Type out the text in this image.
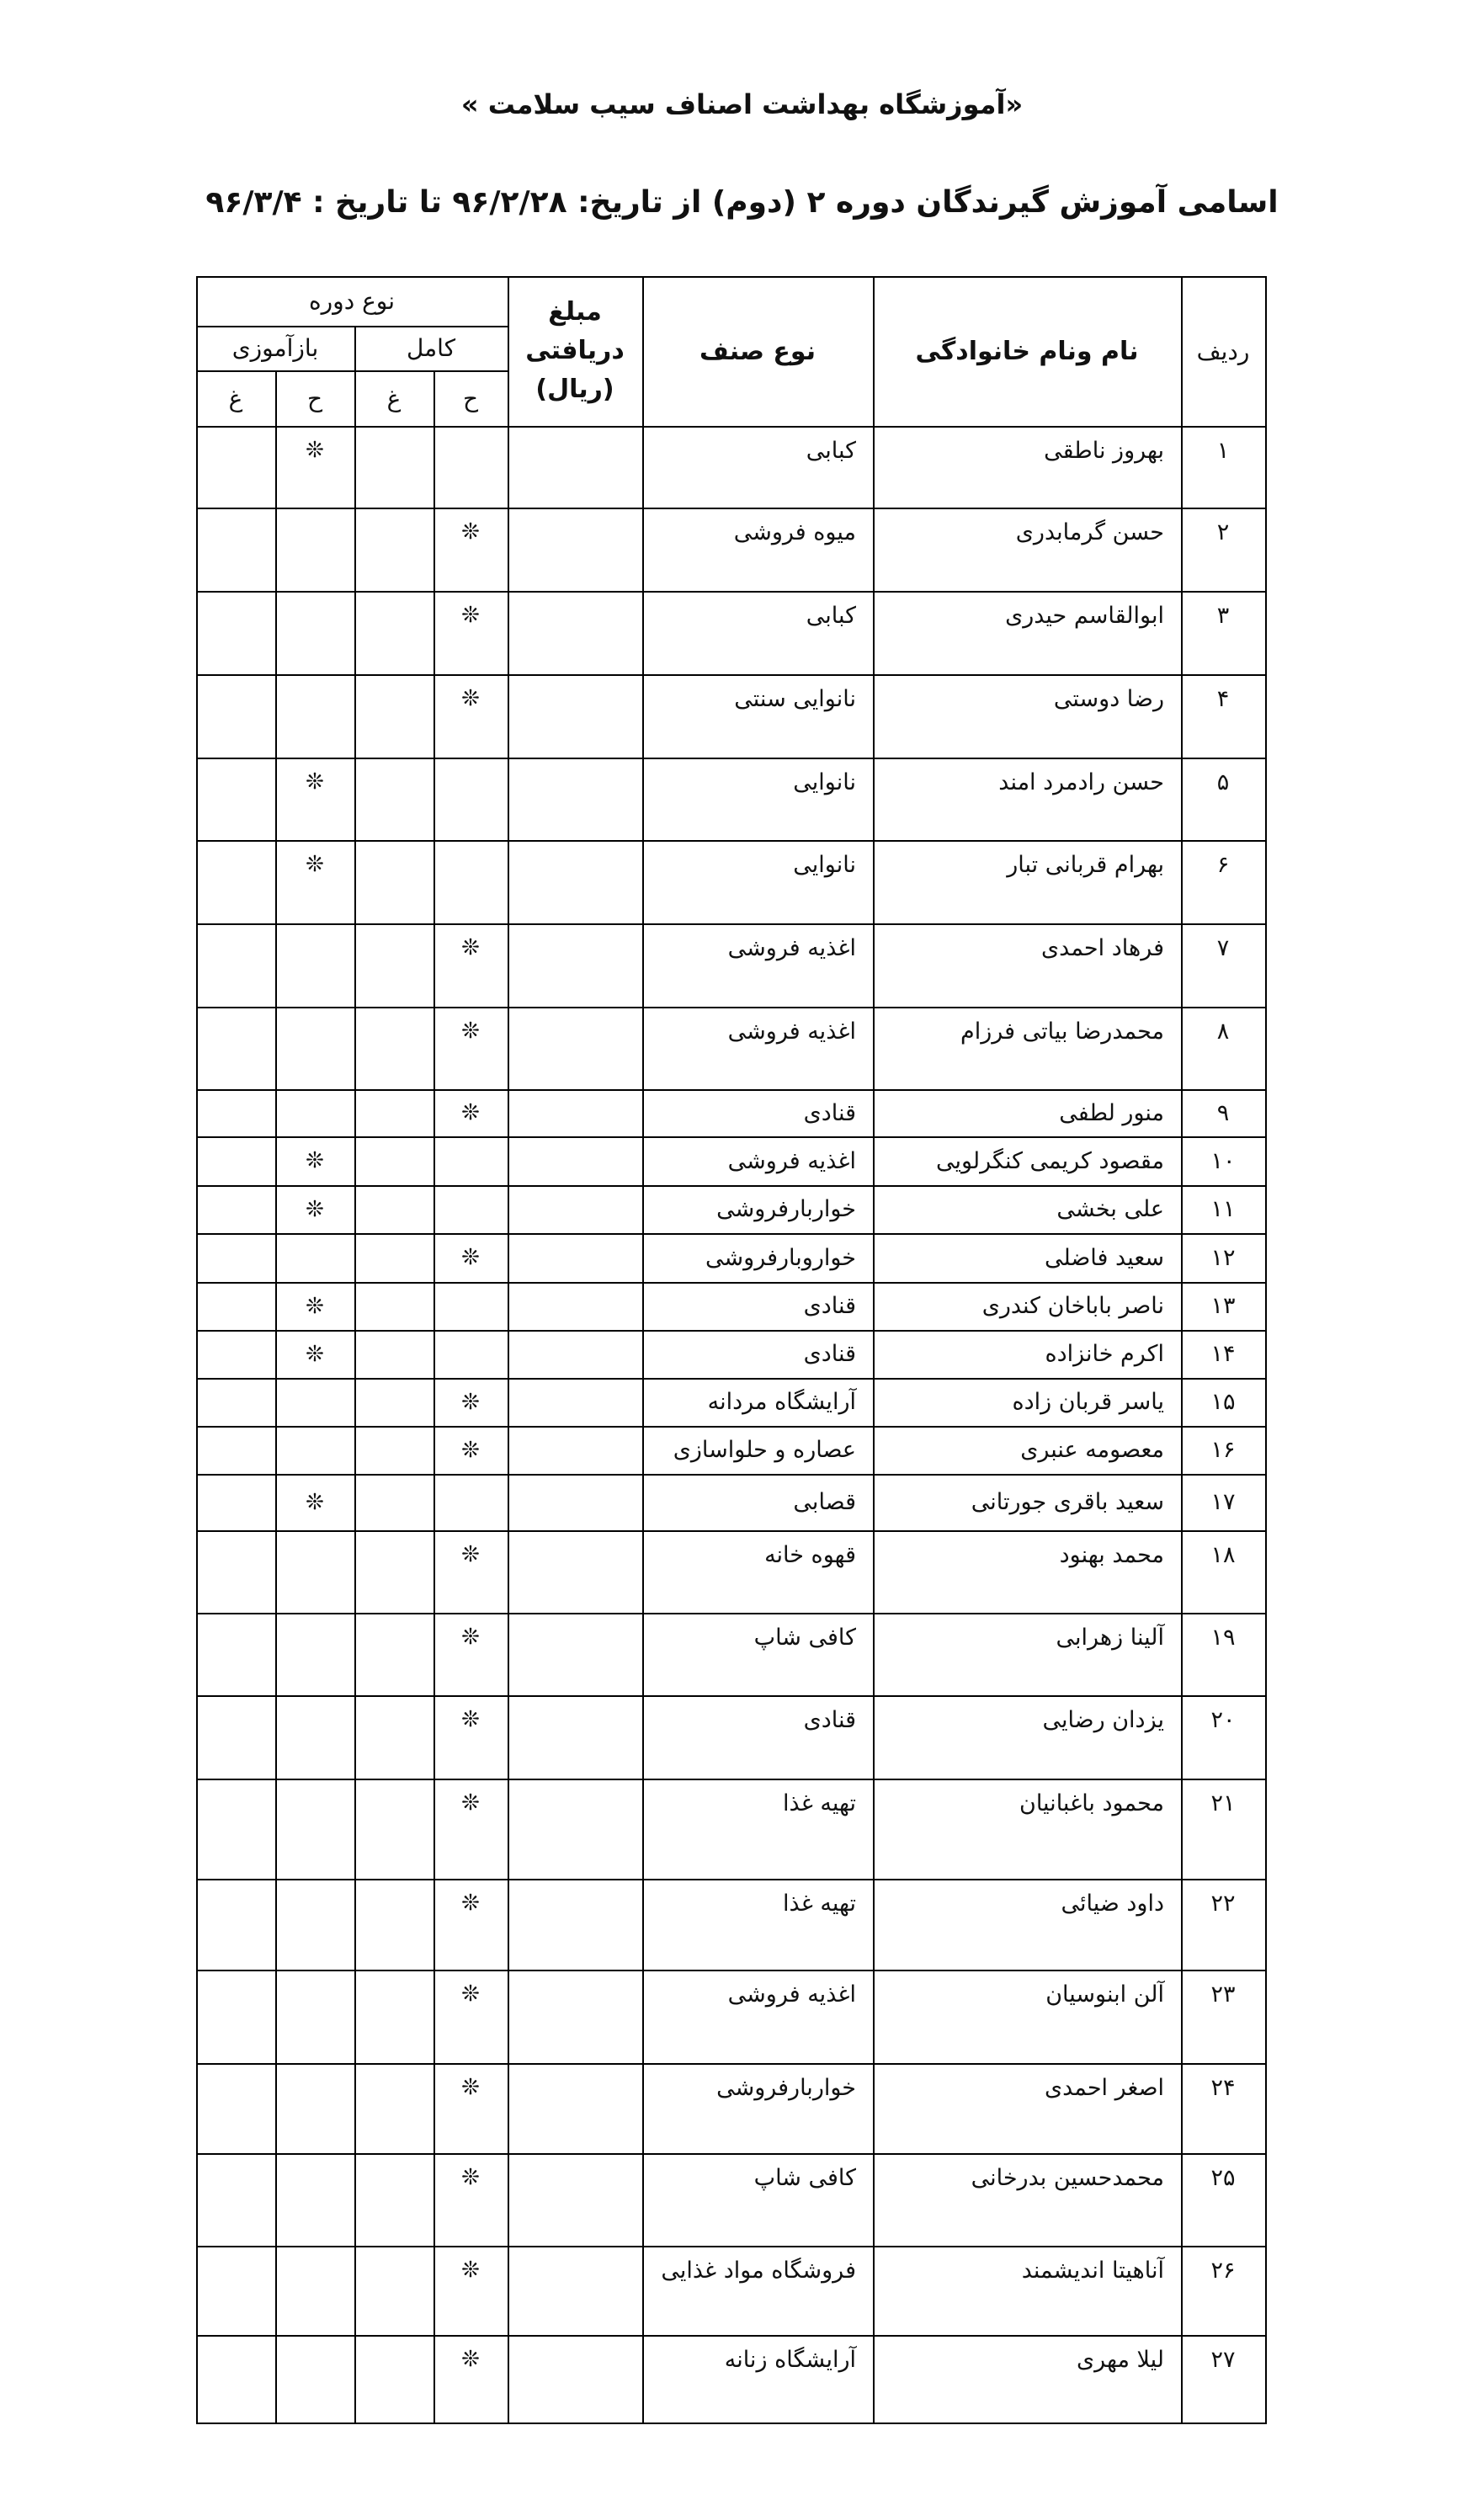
«آموزشگاه بهداشت اصناف سیب سلامت »
اسامی آموزش گیرندگان دوره ۲ (دوم) از تاریخ: ۹۶/۲/۲۸ تا تاریخ : ۹۶/۳/۴
ردیف
نام ونام خانوادگی
نوع صنف
مبلغ دریافتی (ریال)
نوع دوره
کامل
بازآموزی
ح
غ
ح
غ
۱
بهروز ناطقی
کبابی
❊
۲
حسن گرمابدری
میوه فروشی
❊
۳
ابوالقاسم حیدری
کبابی
❊
۴
رضا دوستی
نانوایی سنتی
❊
۵
حسن رادمرد امند
نانوایی
❊
۶
بهرام قربانی تبار
نانوایی
❊
۷
فرهاد احمدی
اغذیه فروشی
❊
۸
محمدرضا بیاتی فرزام
اغذیه فروشی
❊
۹
منور لطفی
قنادی
❊
۱۰
مقصود کریمی کنگرلویی
اغذیه فروشی
❊
۱۱
علی بخشی
خواربارفروشی
❊
۱۲
سعید فاضلی
خوارو‌بارفروشی
❊
۱۳
ناصر باباخان کندری
قنادی
❊
۱۴
اکرم خانزاده
قنادی
❊
۱۵
یاسر قربان زاده
آرایشگاه مردانه
❊
۱۶
معصومه عنبری
عصاره و حلواسازی
❊
۱۷
سعید باقری جورتانی
قصابی
❊
۱۸
محمد بهنود
قهوه خانه
❊
۱۹
آلینا زهرابی
کافی شاپ
❊
۲۰
یزدان رضایی
قنادی
❊
۲۱
محمود باغبانیان
تهیه غذا
❊
۲۲
داود ضیائی
تهیه غذا
❊
۲۳
آلن ابنوسیان
اغذیه فروشی
❊
۲۴
اصغر احمدی
خواربارفروشی
❊
۲۵
محمدحسین بدرخانی
کافی شاپ
❊
۲۶
آناهیتا اندیشمند
فروشگاه مواد غذایی
❊
۲۷
لیلا مهری
آرایشگاه زنانه
❊
